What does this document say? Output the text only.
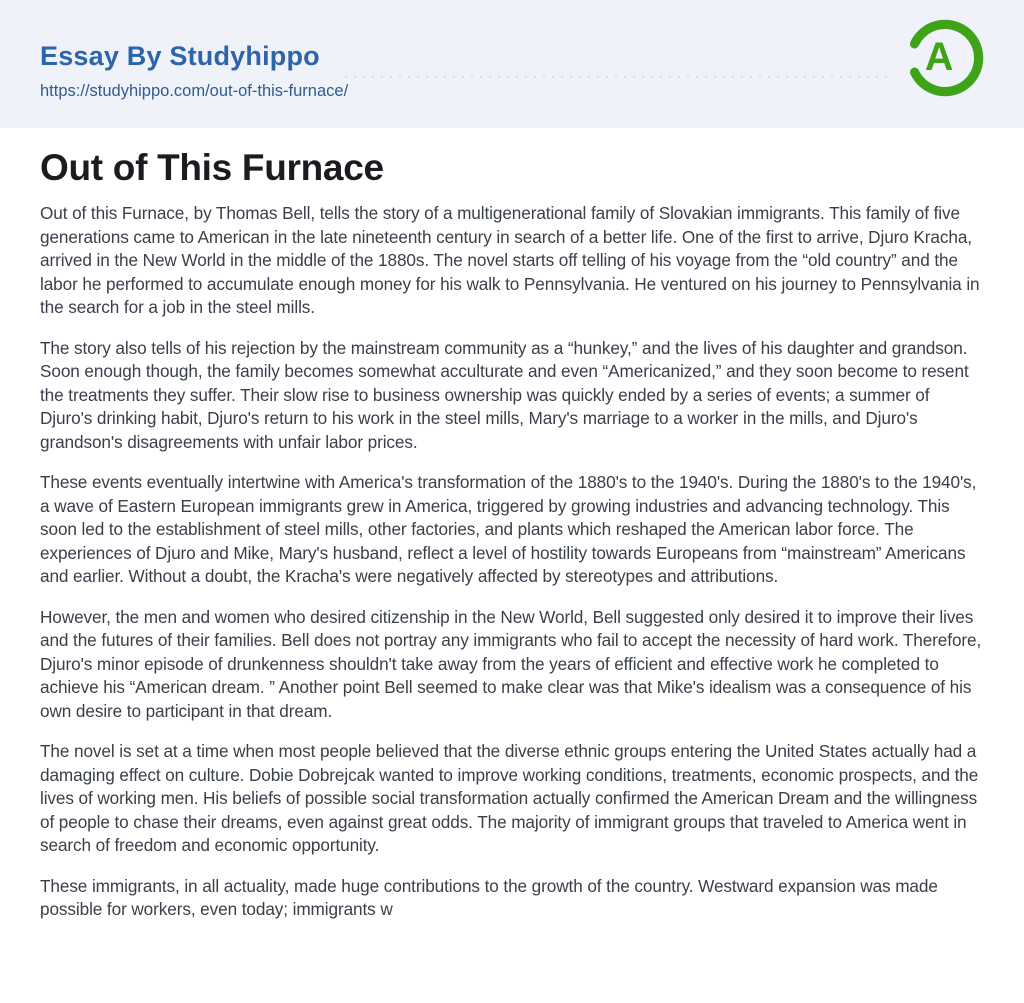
Essay By Studyhippo
https://studyhippo.com/out-of-this-furnace/
A
Out of This Furnace

Out of this Furnace, by Thomas Bell, tells the story of a multigenerational family of Slovakian immigrants. This family of five generations came to American in the late nineteenth century in search of a better life. One of the first to arrive, Djuro Kracha, arrived in the New World in the middle of the 1880s. The novel starts off telling of his voyage from the “old country” and the labor he performed to accumulate enough money for his walk to Pennsylvania. He ventured on his journey to Pennsylvania in the search for a job in the steel mills.

The story also tells of his rejection by the mainstream community as a “hunkey,” and the lives of his daughter and grandson. Soon enough though, the family becomes somewhat acculturate and even “Americanized,” and they soon become to resent the treatments they suffer. Their slow rise to business ownership was quickly ended by a series of events; a summer of Djuro's drinking habit, Djuro's return to his work in the steel mills, Mary's marriage to a worker in the mills, and Djuro's grandson's disagreements with unfair labor prices.

These events eventually intertwine with America's transformation of the 1880's to the 1940's. During the 1880's to the 1940's, a wave of Eastern European immigrants grew in America, triggered by growing industries and advancing technology. This soon led to the establishment of steel mills, other factories, and plants which reshaped the American labor force. The experiences of Djuro and Mike, Mary's husband, reflect a level of hostility towards Europeans from “mainstream” Americans and earlier. Without a doubt, the Kracha's were negatively affected by stereotypes and attributions.

However, the men and women who desired citizenship in the New World, Bell suggested only desired it to improve their lives and the futures of their families. Bell does not portray any immigrants who fail to accept the necessity of hard work. Therefore, Djuro's minor episode of drunkenness shouldn't take away from the years of efficient and effective work he completed to achieve his “American dream. ” Another point Bell seemed to make clear was that Mike's idealism was a consequence of his own desire to participant in that dream.

The novel is set at a time when most people believed that the diverse ethnic groups entering the United States actually had a damaging effect on culture. Dobie Dobrejcak wanted to improve working conditions, treatments, economic prospects, and the lives of working men. His beliefs of possible social transformation actually confirmed the American Dream and the willingness of people to chase their dreams, even against great odds. The majority of immigrant groups that traveled to America went in search of freedom and economic opportunity.

These immigrants, in all actuality, made huge contributions to the growth of the country. Westward expansion was made possible for workers, even today; immigrants w
